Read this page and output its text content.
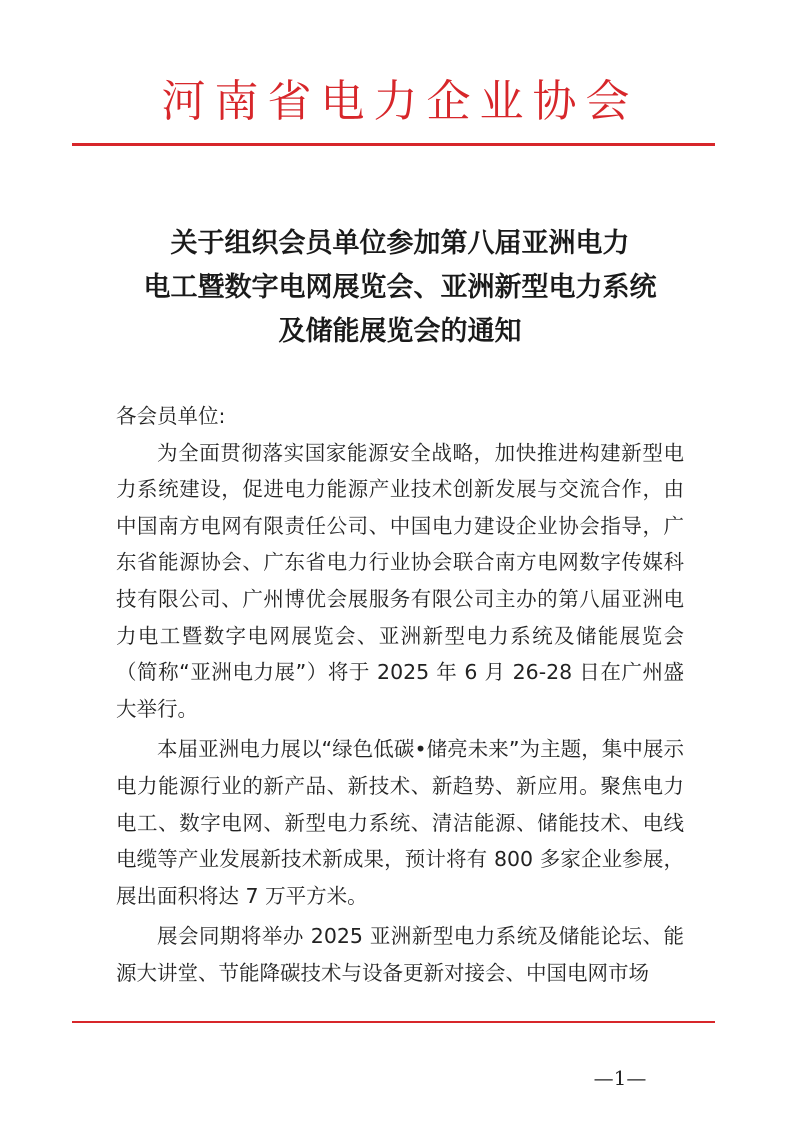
河南省电力企业协会
关于组织会员单位参加第八届亚洲电力
电工暨数字电网展览会、亚洲新型电力系统
及储能展览会的通知

各会员单位:

为全面贯彻落实国家能源安全战略，加快推进构建新型电力系统建设，促进电力能源产业技术创新发展与交流合作，由中国南方电网有限责任公司、中国电力建设企业协会指导，广东省能源协会、广东省电力行业协会联合南方电网数字传媒科技有限公司、广州博优会展服务有限公司主办的第八届亚洲电力电工暨数字电网展览会、亚洲新型电力系统及储能展览会（简称“亚洲电力展”）将于 2025 年 6 月 26-28 日在广州盛大举行。

本届亚洲电力展以“绿色低碳•储亮未来”为主题，集中展示电力能源行业的新产品、新技术、新趋势、新应用。聚焦电力电工、数字电网、新型电力系统、清洁能源、储能技术、电线电缆等产业发展新技术新成果，预计将有 800 多家企业参展，展出面积将达 7 万平方米。

展会同期将举办 2025 亚洲新型电力系统及储能论坛、能源大讲堂、节能降碳技术与设备更新对接会、中国电网市场

—1—
